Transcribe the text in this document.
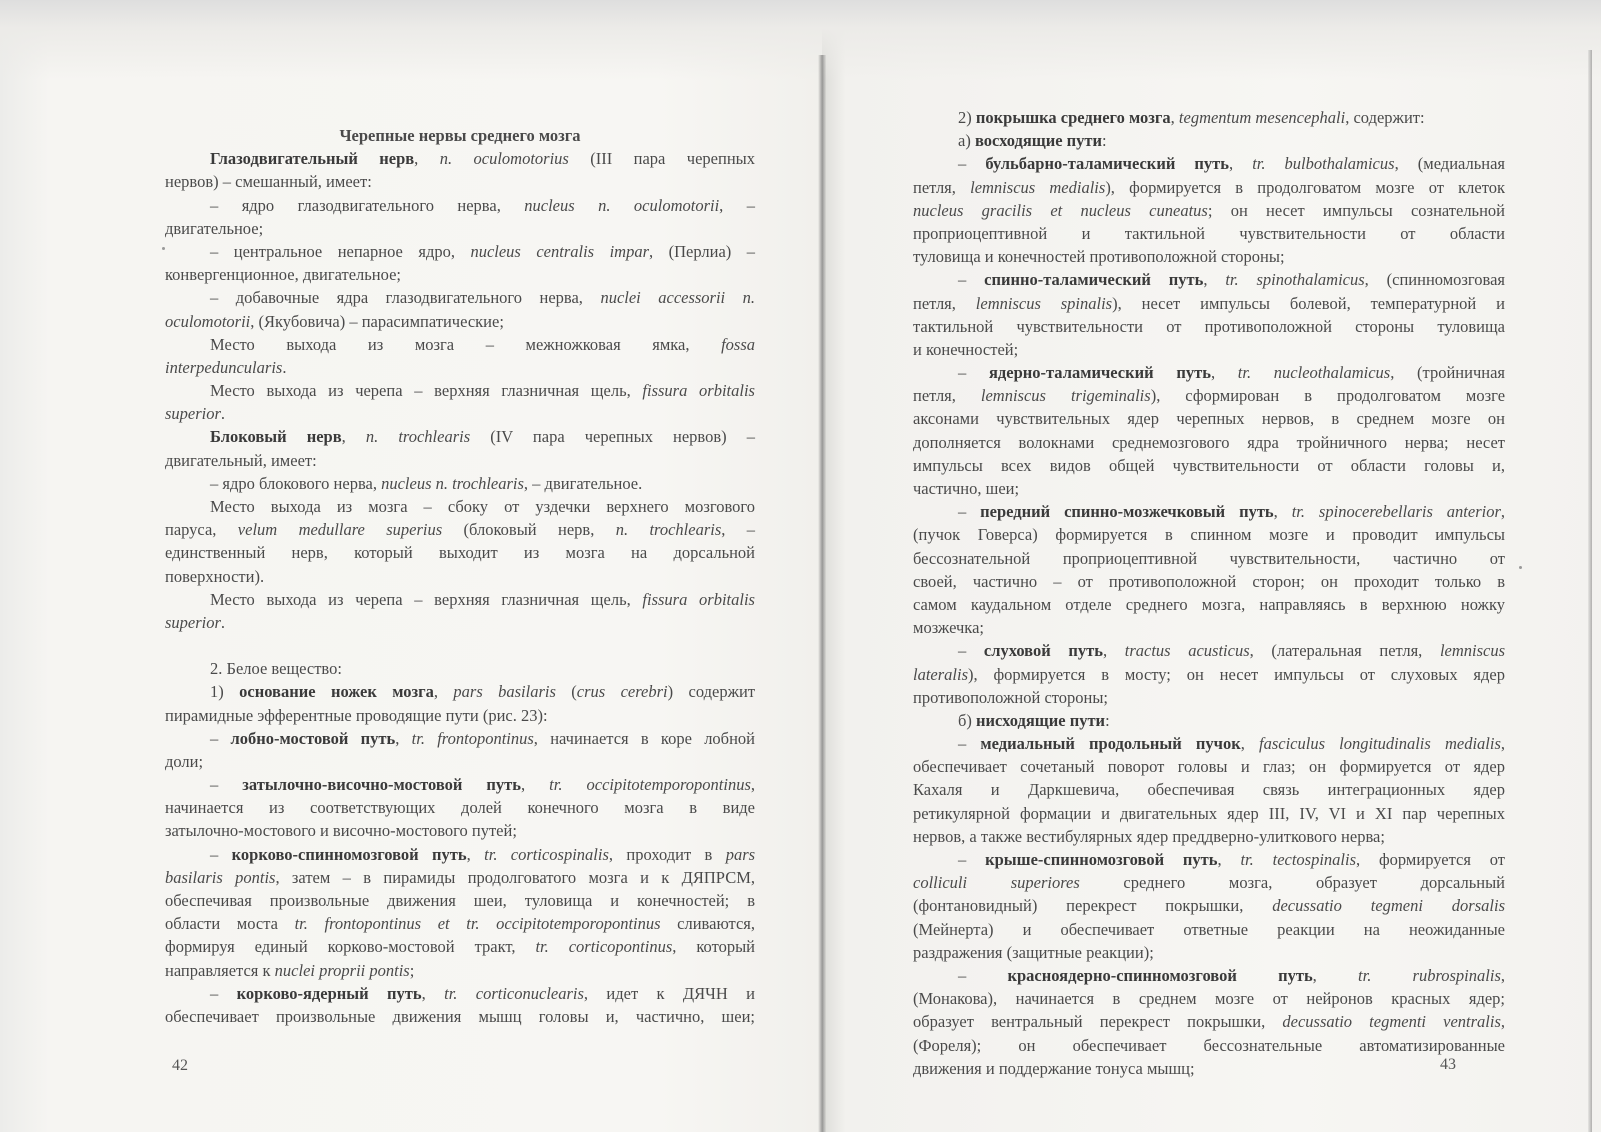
Черепные нервы среднего мозга
Глазодвигательный нерв, n. oculomotorius (III пара черепных
нервов) – смешанный, имеет:
– ядро глазодвигательного нерва, nucleus n. oculomotorii, –
двигательное;
– центральное непарное ядро, nucleus centralis impar, (Перлиа) –
конвергенционное, двигательное;
– добавочные ядра глазодвигательного нерва, nuclei accessorii n.
oculomotorii, (Якубовича) – парасимпатические;
Место выхода из мозга – межножковая ямка, fossa
interpeduncularis.
Место выхода из черепа – верхняя глазничная щель, fissura orbitalis
superior.
Блоковый нерв, n. trochlearis (IV пара черепных нервов) –
двигательный, имеет:
– ядро блокового нерва, nucleus n. trochlearis, – двигательное.
Место выхода из мозга – сбоку от уздечки верхнего мозгового
паруса, velum medullare superius (блоковый нерв, n. trochlearis, –
единственный нерв, который выходит из мозга на дорсальной
поверхности).
Место выхода из черепа – верхняя глазничная щель, fissura orbitalis
superior.
2. Белое вещество:
1) основание ножек мозга, pars basilaris (crus cerebri) содержит
пирамидные эфферентные проводящие пути (рис. 23):
– лобно-мостовой путь, tr. frontopontinus, начинается в коре лобной
доли;
– затылочно-височно-мостовой путь, tr. occipitotemporopontinus,
начинается из соответствующих долей конечного мозга в виде
затылочно-мостового и височно-мостового путей;
– корково-спинномозговой путь, tr. corticospinalis, проходит в pars
basilaris pontis, затем – в пирамиды продолговатого мозга и к ДЯПРСМ,
обеспечивая произвольные движения шеи, туловища и конечностей; в
области моста tr. frontopontinus et tr. occipitotemporopontinus сливаются,
формируя единый корково-мостовой тракт, tr. corticopontinus, который
направляется к nuclei proprii pontis;
– корково-ядерный путь, tr. corticonuclearis, идет к ДЯЧН и
обеспечивает произвольные движения мышц головы и, частично, шеи;
2) покрышка среднего мозга, tegmentum mesencephali, содержит:
а) восходящие пути:
– бульбарно-таламический путь, tr. bulbothalamicus, (медиальная
петля, lemniscus medialis), формируется в продолговатом мозге от клеток
nucleus gracilis et nucleus cuneatus; он несет импульсы сознательной
проприоцептивной и тактильной чувствительности от области
туловища и конечностей противоположной стороны;
– спинно-таламический путь, tr. spinothalamicus, (спинномозговая
петля, lemniscus spinalis), несет импульсы болевой, температурной и
тактильной чувствительности от противоположной стороны туловища
и конечностей;
– ядерно-таламический путь, tr. nucleothalamicus, (тройничная
петля, lemniscus trigeminalis), сформирован в продолговатом мозге
аксонами чувствительных ядер черепных нервов, в среднем мозге он
дополняется волокнами среднемозгового ядра тройничного нерва; несет
импульсы всех видов общей чувствительности от области головы и,
частично, шеи;
– передний спинно-мозжечковый путь, tr. spinocerebellaris anterior,
(пучок Говерса) формируется в спинном мозге и проводит импульсы
бессознательной проприоцептивной чувствительности, частично от
своей, частично – от противоположной сторон; он проходит только в
самом каудальном отделе среднего мозга, направляясь в верхнюю ножку
мозжечка;
– слуховой путь, tractus acusticus, (латеральная петля, lemniscus
lateralis), формируется в мосту; он несет импульсы от слуховых ядер
противоположной стороны;
б) нисходящие пути:
– медиальный продольный пучок, fasciculus longitudinalis medialis,
обеспечивает сочетаный поворот головы и глаз; он формируется от ядер
Кахаля и Даркшевича, обеспечивая связь интеграционных ядер
ретикулярной формации и двигательных ядер III, IV, VI и XI пар черепных
нервов, а также вестибулярных ядер преддверно-улиткового нерва;
– крыше-спинномозговой путь, tr. tectospinalis, формируется от
colliculi superiores среднего мозга, образует дорсальный
(фонтановидный) перекрест покрышки, decussatio tegmeni dorsalis
(Мейнерта) и обеспечивает ответные реакции на неожиданные
раздражения (защитные реакции);
– красноядерно-спинномозговой путь, tr. rubrospinalis,
(Монакова), начинается в среднем мозге от нейронов красных ядер;
образует вентральный перекрест покрышки, decussatio tegmenti ventralis,
(Фореля); он обеспечивает бессознательные автоматизированные
движения и поддержание тонуса мышц;
42	43
